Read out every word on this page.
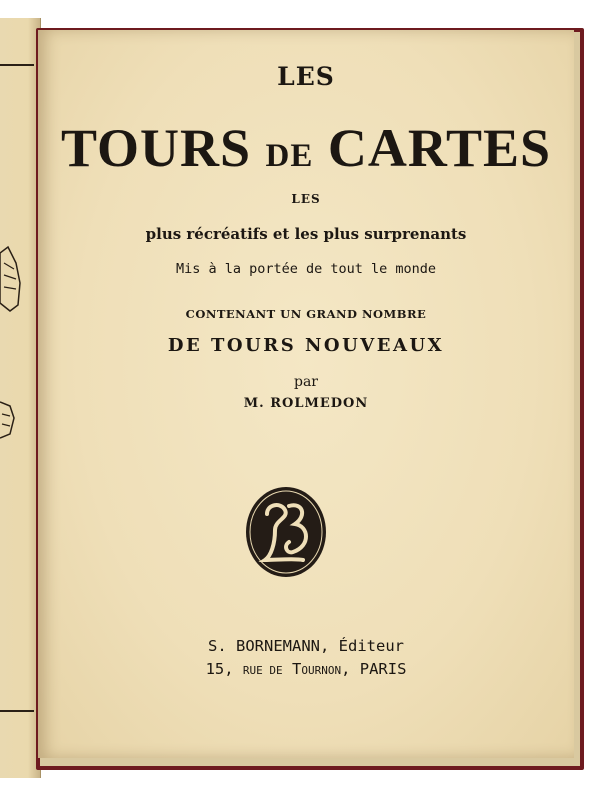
LES
TOURS DE CARTES
LES
plus récréatifs et les plus surprenants
Mis à la portée de tout le monde
CONTENANT UN GRAND NOMBRE
DE TOURS NOUVEAUX
par
M. ROLMEDON
S. BORNEMANN, Éditeur
15, RUE DE TOURNON, PARIS
